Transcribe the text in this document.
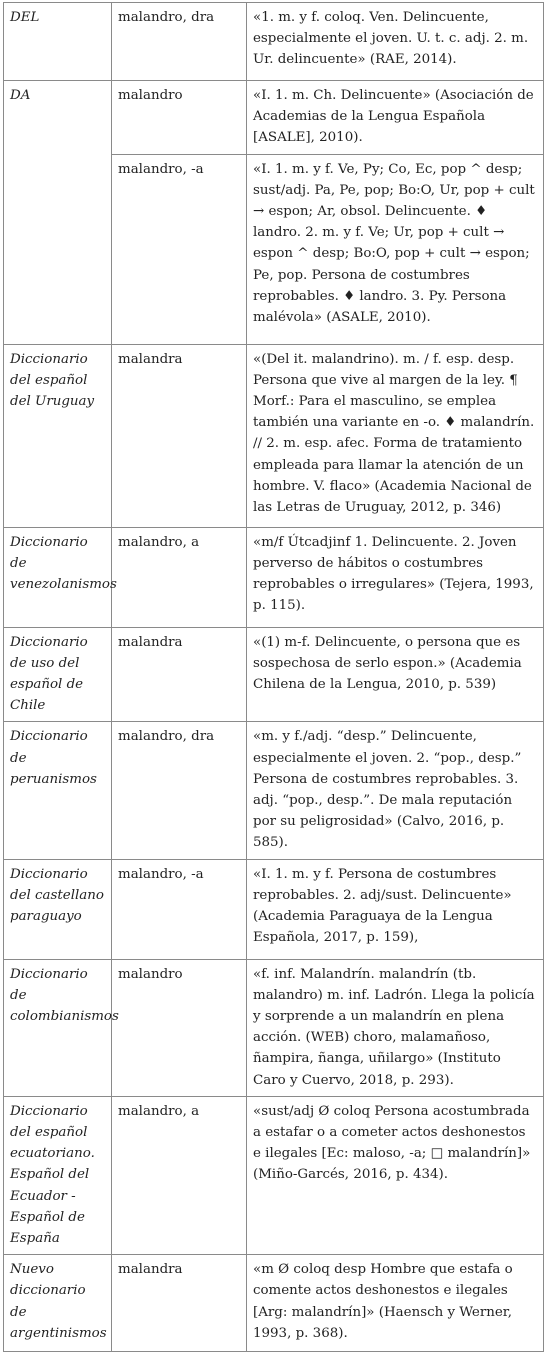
DEL	malandro, dra	«1. m. y f. coloq. Ven. Delincuente, especialmente el joven. U. t. c. adj. 2. m. Ur. delincuente» (RAE, 2014).
DA	malandro	«I. 1. m. Ch. Delincuente» (Asociación de Academias de la Lengua Española [ASALE], 2010).
	malandro, -a	«I. 1. m. y f. Ve, Py; Co, Ec, pop ^ desp; sust/adj. Pa, Pe, pop; Bo:O, Ur, pop + cult → espon; Ar, obsol. Delincuente. ♦ landro. 2. m. y f. Ve; Ur, pop + cult → espon ^ desp; Bo:O, pop + cult → espon; Pe, pop. Persona de costumbres reprobables. ♦ landro. 3. Py. Persona malévola» (ASALE, 2010).
Diccionario del español del Uruguay	malandra	«(Del it. malandrino). m. / f. esp. desp. Persona que vive al margen de la ley. ¶ Morf.: Para el masculino, se emplea también una variante en -o. ♦ malandrín. // 2. m. esp. afec. Forma de tratamiento empleada para llamar la atención de un hombre. V. flaco» (Academia Nacional de las Letras de Uruguay, 2012, p. 346)
Diccionario de venezolanismos	malandro, a	«m/f Útcadjinf 1. Delincuente. 2. Joven perverso de hábitos o costumbres reprobables o irregulares» (Tejera, 1993, p. 115).
Diccionario de uso del español de Chile	malandra	«(1) m-f. Delincuente, o persona que es sospechosa de serlo espon.» (Academia Chilena de la Lengua, 2010, p. 539)
Diccionario de peruanismos	malandro, dra	«m. y f./adj. “desp.” Delincuente, especialmente el joven. 2. “pop., desp.” Persona de costumbres reprobables. 3. adj. “pop., desp.”. De mala reputación por su peligrosidad» (Calvo, 2016, p. 585).
Diccionario del castellano paraguayo	malandro, -a	«I. 1. m. y f. Persona de costumbres reprobables. 2. adj/sust. Delincuente» (Academia Paraguaya de la Lengua Española, 2017, p. 159),
Diccionario de colombianismos	malandro	«f. inf. Malandrín. malandrín (tb. malandro) m. inf. Ladrón. Llega la policía y sorprende a un malandrín en plena acción. (WEB) choro, malamañoso, ñampira, ñanga, uñilargo» (Instituto Caro y Cuervo, 2018, p. 293).
Diccionario del español ecuatoriano. Español del Ecuador - Español de España	malandro, a	«sust/adj Ø coloq Persona acostumbrada a estafar o a cometer actos deshonestos e ilegales [Ec: maloso, -a; □ malandrín]» (Miño-Garcés, 2016, p. 434).
Nuevo diccionario de argentinismos	malandra	«m Ø coloq desp Hombre que estafa o comente actos deshonestos e ilegales [Arg: malandrín]» (Haensch y Werner, 1993, p. 368).
